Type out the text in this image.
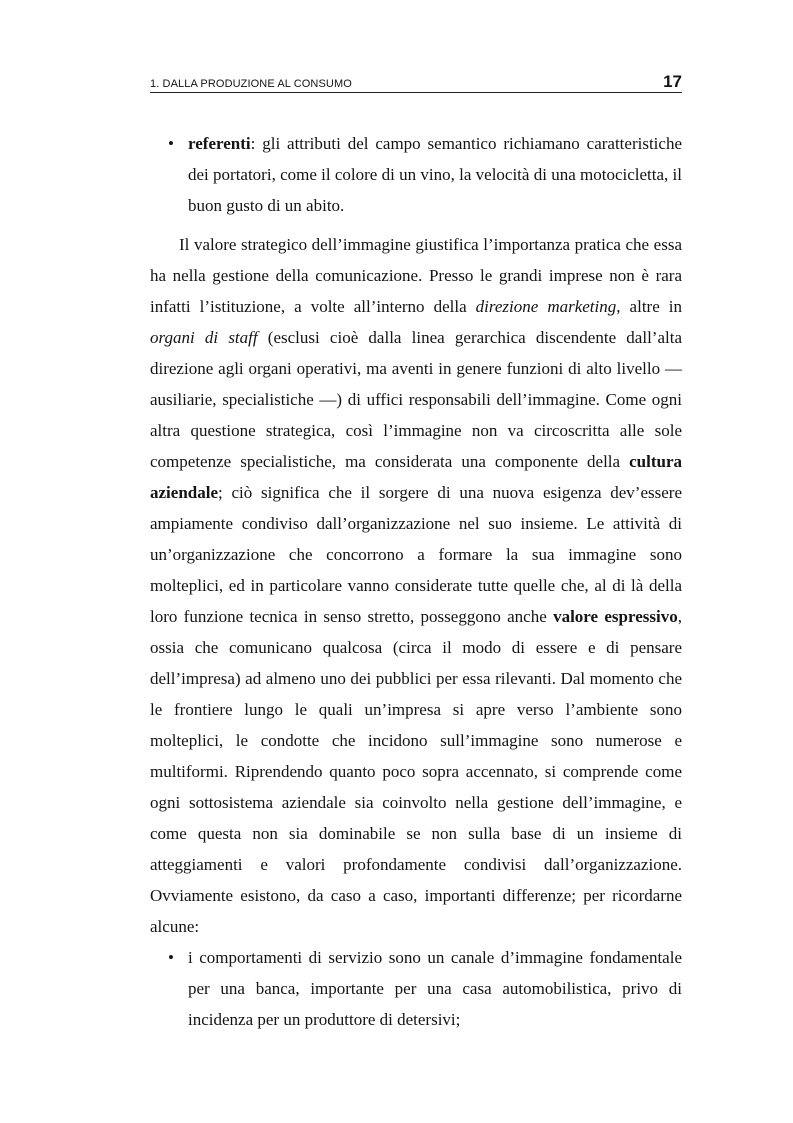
1. DALLA PRODUZIONE AL CONSUMO	17

• referenti: gli attributi del campo semantico richiamano caratteristiche dei portatori, come il colore di un vino, la velocità di una motocicletta, il buon gusto di un abito.

Il valore strategico dell’immagine giustifica l’importanza pratica che essa ha nella gestione della comunicazione. Presso le grandi imprese non è rara infatti l’istituzione, a volte all’interno della direzione marketing, altre in organi di staff (esclusi cioè dalla linea gerarchica discendente dall’alta direzione agli organi operativi, ma aventi in genere funzioni di alto livello — ausiliarie, specialistiche —) di uffici responsabili dell’immagine. Come ogni altra questione strategica, così l’immagine non va circoscritta alle sole competenze specialistiche, ma considerata una componente della cultura aziendale; ciò significa che il sorgere di una nuova esigenza dev’essere ampiamente condiviso dall’organizzazione nel suo insieme. Le attività di un’organizzazione che concorrono a formare la sua immagine sono molteplici, ed in particolare vanno considerate tutte quelle che, al di là della loro funzione tecnica in senso stretto, posseggono anche valore espressivo, ossia che comunicano qualcosa (circa il modo di essere e di pensare dell’impresa) ad almeno uno dei pubblici per essa rilevanti. Dal momento che le frontiere lungo le quali un’impresa si apre verso l’ambiente sono molteplici, le condotte che incidono sull’immagine sono numerose e multiformi. Riprendendo quanto poco sopra accennato, si comprende come ogni sottosistema aziendale sia coinvolto nella gestione dell’immagine, e come questa non sia dominabile se non sulla base di un insieme di atteggiamenti e valori profondamente condivisi dall’organizzazione. Ovviamente esistono, da caso a caso, importanti differenze; per ricordarne alcune:

• i comportamenti di servizio sono un canale d’immagine fondamentale per una banca, importante per una casa automobilistica, privo di incidenza per un produttore di detersivi;
